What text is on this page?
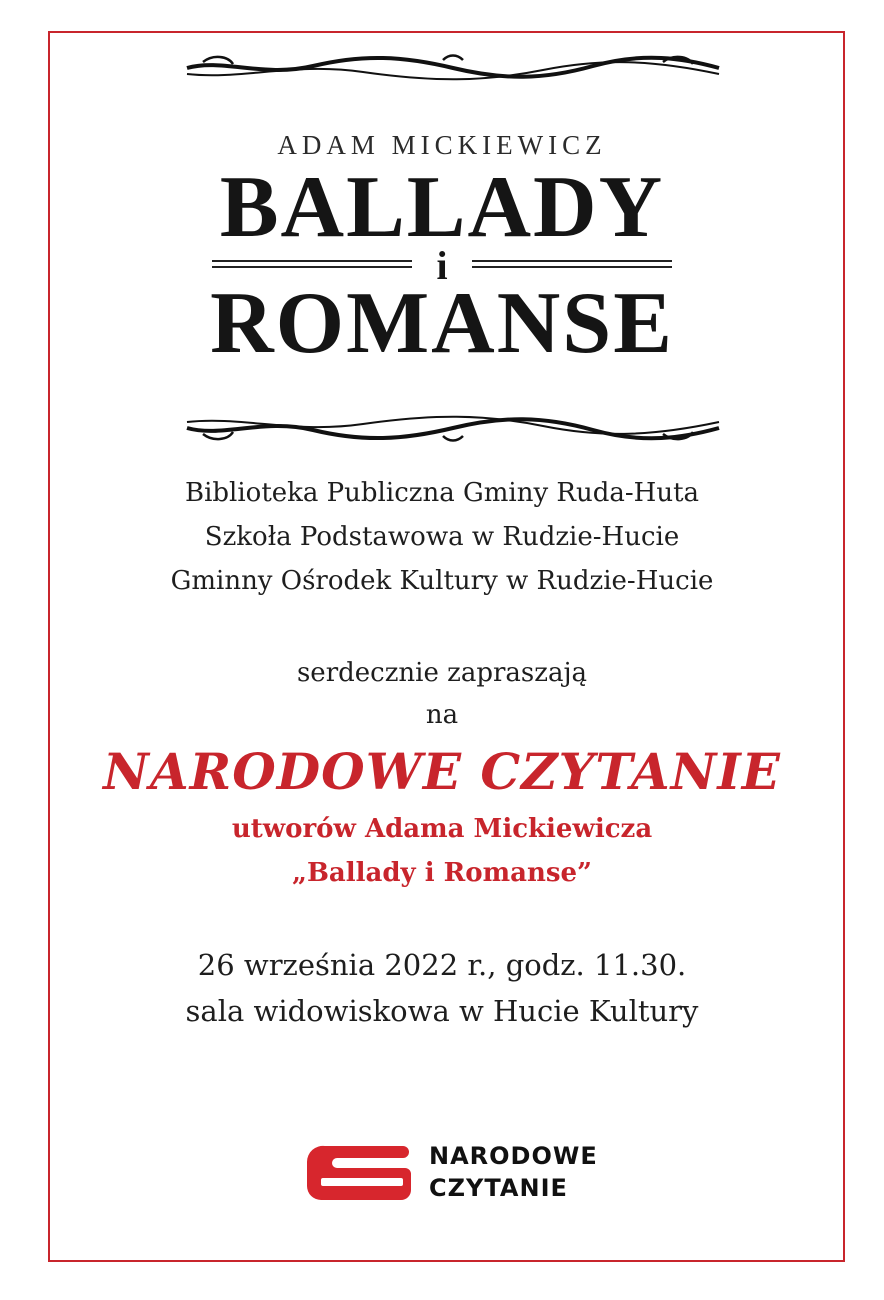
ADAM MICKIEWICZ
BALLADY
i
ROMANSE
Biblioteka Publiczna Gminy Ruda-Huta
Szkoła Podstawowa w Rudzie-Hucie
Gminny Ośrodek Kultury w Rudzie-Hucie
serdecznie zapraszają
na
NARODOWE CZYTANIE
utworów Adama Mickiewicza
„Ballady i Romanse”
26 września 2022 r., godz. 11.30.
sala widowiskowa w Hucie Kultury
NARODOWE
CZYTANIE
